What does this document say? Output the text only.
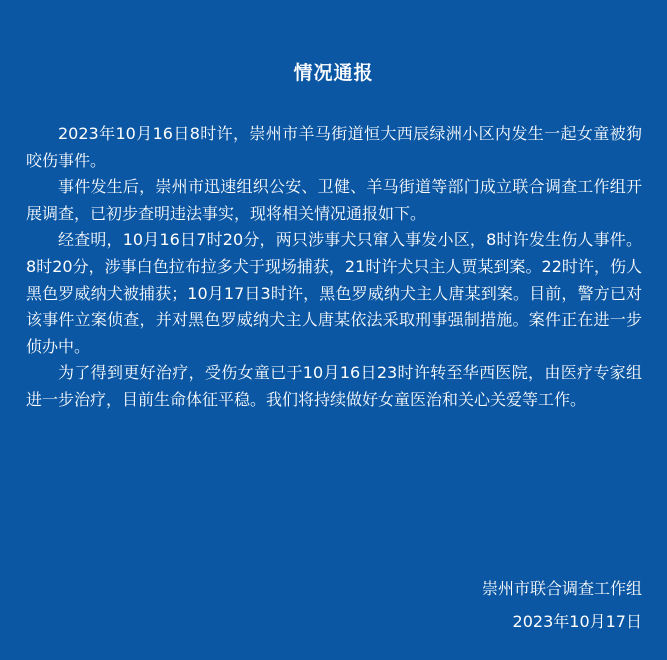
情况通报

2023年10月16日8时许，崇州市羊马街道恒大西辰绿洲小区内发生一起女童被狗咬伤事件。

事件发生后，崇州市迅速组织公安、卫健、羊马街道等部门成立联合调查工作组开展调查，已初步查明违法事实，现将相关情况通报如下。

经查明，10月16日7时20分，两只涉事犬只窜入事发小区，8时许发生伤人事件。8时20分，涉事白色拉布拉多犬于现场捕获，21时许犬只主人贾某到案。22时许，伤人黑色罗威纳犬被捕获；10月17日3时许，黑色罗威纳犬主人唐某到案。目前，警方已对该事件立案侦查，并对黑色罗威纳犬主人唐某依法采取刑事强制措施。案件正在进一步侦办中。

为了得到更好治疗，受伤女童已于10月16日23时许转至华西医院，由医疗专家组进一步治疗，目前生命体征平稳。我们将持续做好女童医治和关心关爱等工作。

崇州市联合调查工作组
2023年10月17日
